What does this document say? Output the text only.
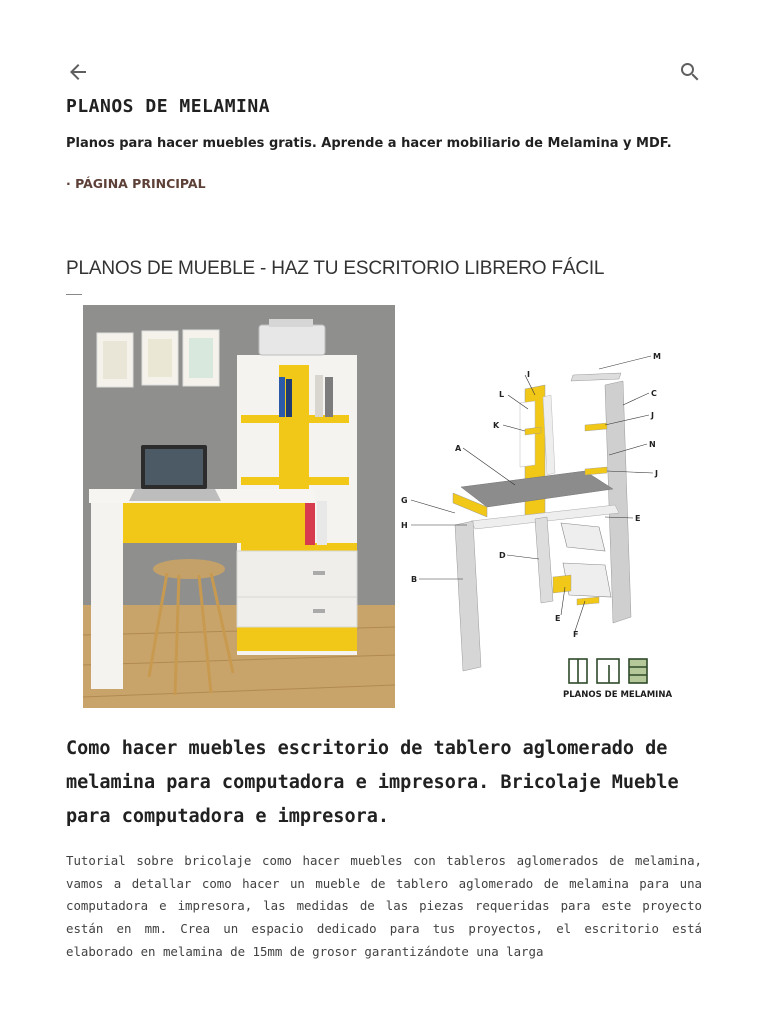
PLANOS DE MELAMINA

Planos para hacer muebles gratis. Aprende a hacer mobiliario de Melamina y MDF.

· PÁGINA PRINCIPAL
PLANOS DE MUEBLE - HAZ TU ESCRITORIO LIBRERO FÁCIL
M
I
L	C
K
J
N
A
J
G
H
E
D
B
E
F
PLANOS DE MELAMINA
Como hacer muebles escritorio de tablero aglomerado de melamina para computadora e impresora. Bricolaje Mueble para computadora e impresora.

Tutorial sobre bricolaje como hacer muebles con tableros aglomerados de melamina, vamos a detallar como hacer un mueble de tablero aglomerado de melamina para una computadora e impresora, las medidas de las piezas requeridas para este proyecto están en mm. Crea un espacio dedicado para tus proyectos, el escritorio está elaborado en melamina de 15mm de grosor garantizándote una larga
